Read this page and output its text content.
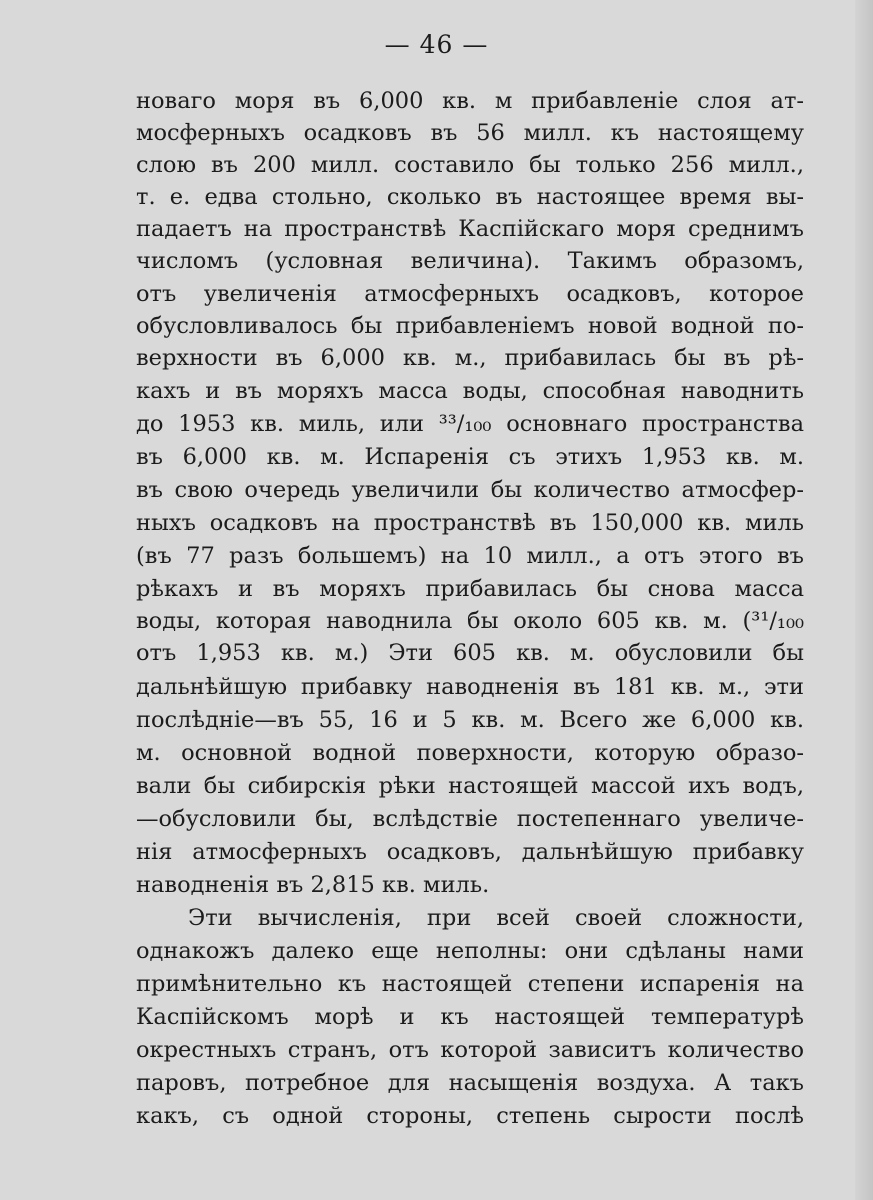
— 46 —
новаго моря въ 6,000 кв. м прибавленіе слоя ат-
мосферныхъ осадковъ въ 56 милл. къ настоящему
слою въ 200 милл. составило бы только 256 милл.,
т. е. едва стольно, сколько въ настоящее время вы-
падаетъ на пространствѣ Каспійскаго моря среднимъ
числомъ (условная величина). Такимъ образомъ,
отъ увеличенія атмосферныхъ осадковъ, которое
обусловливалось бы прибавленіемъ новой водной по-
верхности въ 6,000 кв. м., прибавилась бы въ рѣ-
кахъ и въ моряхъ масса воды, способная наводнить
до 1953 кв. миль, или ³³/₁₀₀ основнаго пространства
въ 6,000 кв. м. Испаренія съ этихъ 1,953 кв. м.
въ свою очередь увеличили бы количество атмосфер-
ныхъ осадковъ на пространствѣ въ 150,000 кв. миль
(въ 77 разъ большемъ) на 10 милл., а отъ этого въ
рѣкахъ и въ моряхъ прибавилась бы снова масса
воды, которая наводнила бы около 605 кв. м. (³¹/₁₀₀
отъ 1,953 кв. м.) Эти 605 кв. м. обусловили бы
дальнѣйшую прибавку наводненія въ 181 кв. м., эти
послѣдніе—въ 55, 16 и 5 кв. м. Всего же 6,000 кв.
м. основной водной поверхности, которую образо-
вали бы сибирскія рѣки настоящей массой ихъ водъ,
—обусловили бы, вслѣдствіе постепеннаго увеличе-
нія атмосферныхъ осадковъ, дальнѣйшую прибавку
наводненія въ 2,815 кв. миль.
Эти вычисленія, при всей своей сложности,
однакожъ далеко еще неполны: они сдѣланы нами
примѣнительно къ настоящей степени испаренія на
Каспійскомъ морѣ и къ настоящей температурѣ
окрестныхъ странъ, отъ которой зависитъ количество
паровъ, потребное для насыщенія воздуха. А такъ
какъ, съ одной стороны, степень сырости послѣ
